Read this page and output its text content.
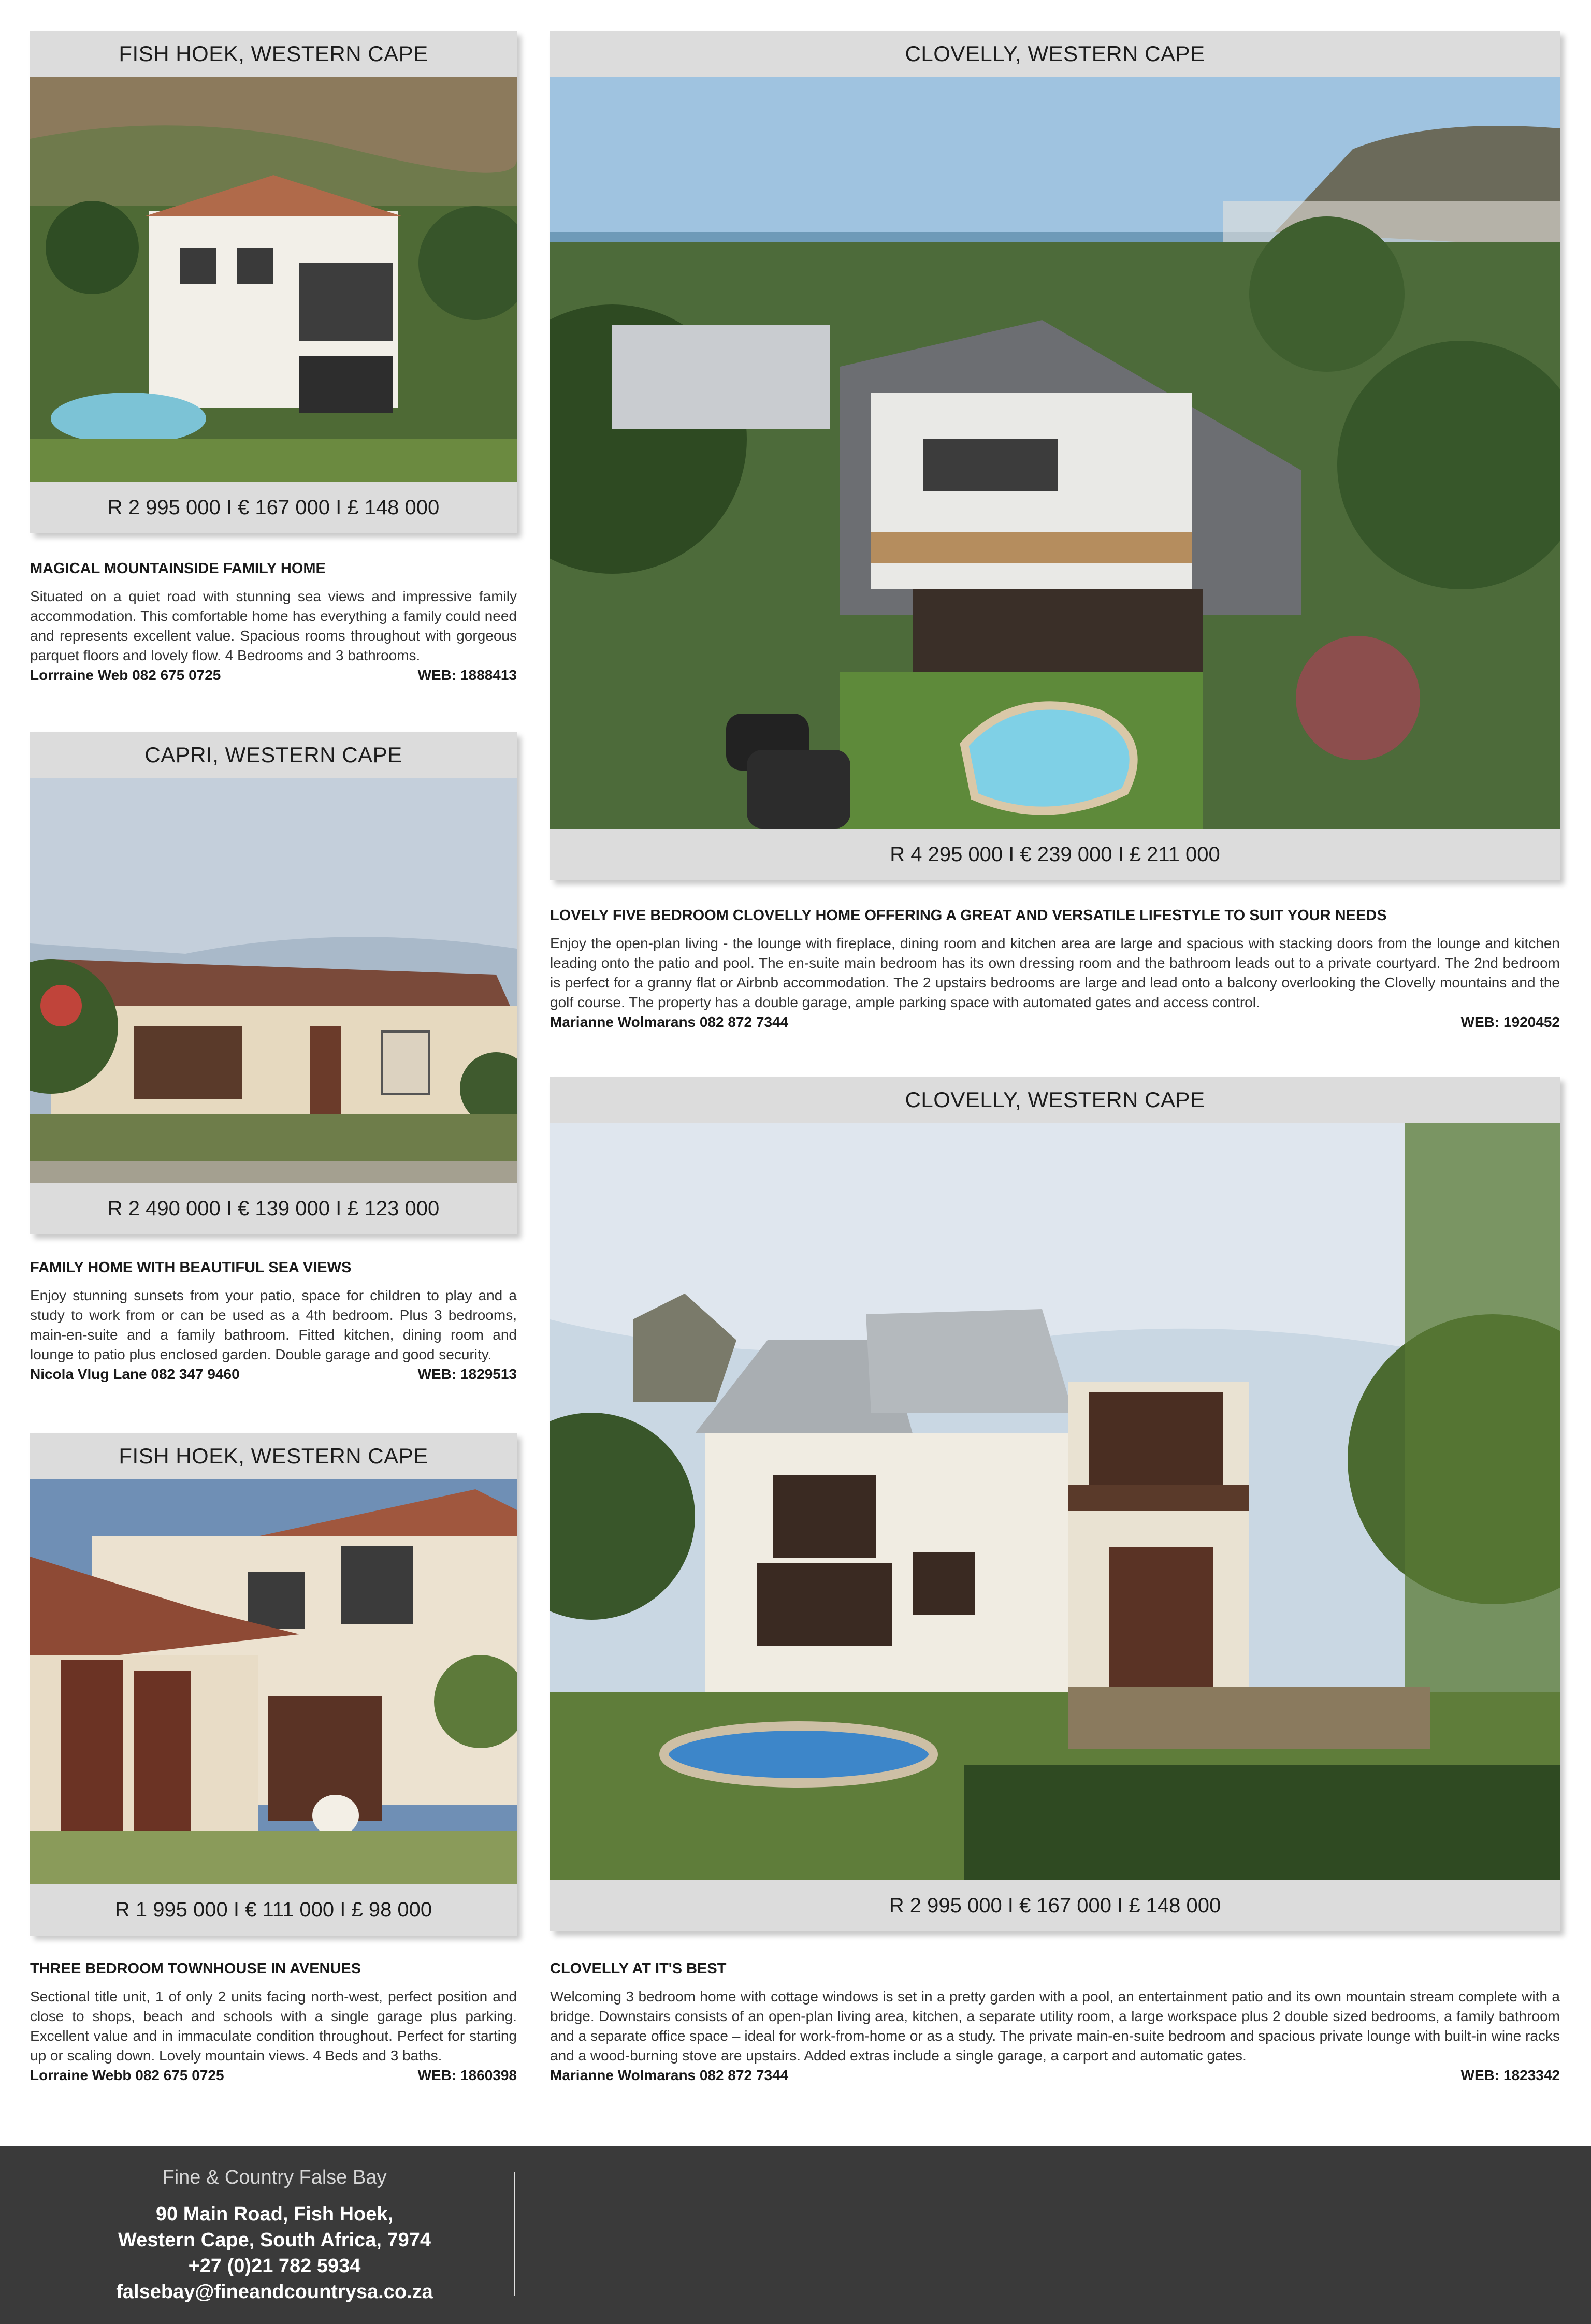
FISH HOEK, WESTERN CAPE
R 2 995 000 I € 167 000 I £ 148 000
MAGICAL MOUNTAINSIDE FAMILY HOME
Situated on a quiet road with stunning sea views and impressive family accommodation. This comfortable home has everything a family could need and represents excellent value. Spacious rooms throughout with gorgeous parquet floors and lovely flow. 4 Bedrooms and 3 bathrooms.
Lorrraine Web 082 675 0725	WEB: 1888413
CAPRI, WESTERN CAPE
R 2 490 000 I € 139 000 I £ 123 000
FAMILY HOME WITH BEAUTIFUL SEA VIEWS
Enjoy stunning sunsets from your patio, space for children to play and a study to work from or can be used as a 4th bedroom. Plus 3 bedrooms, main-en-suite and a family bathroom. Fitted kitchen, dining room and lounge to patio plus enclosed garden. Double garage and good security.
Nicola Vlug Lane 082 347 9460	WEB: 1829513
FISH HOEK, WESTERN CAPE
R 1 995 000 I € 111 000 I £ 98 000
THREE BEDROOM TOWNHOUSE IN AVENUES
Sectional title unit, 1 of only 2 units facing north-west, perfect position and close to shops, beach and schools with a single garage plus parking. Excellent value and in immaculate condition throughout. Perfect for starting up or scaling down. Lovely mountain views. 4 Beds and 3 baths.
Lorraine Webb 082 675 0725	WEB: 1860398
CLOVELLY, WESTERN CAPE
R 4 295 000 I € 239 000 I £ 211 000
LOVELY FIVE BEDROOM CLOVELLY HOME OFFERING A GREAT AND VERSATILE LIFESTYLE TO SUIT YOUR NEEDS
Enjoy the open-plan living - the lounge with fireplace, dining room and kitchen area are large and spacious with stacking doors from the lounge and kitchen leading onto the patio and pool. The en-suite main bedroom has its own dressing room and the bathroom leads out to a private courtyard. The 2nd bedroom is perfect for a granny flat or Airbnb accommodation. The 2 upstairs bedrooms are large and lead onto a balcony overlooking the Clovelly mountains and the golf course. The property has a double garage, ample parking space with automated gates and access control.
Marianne Wolmarans 082 872 7344	WEB: 1920452
CLOVELLY, WESTERN CAPE
R 2 995 000 I € 167 000 I £ 148 000
CLOVELLY AT IT'S BEST
Welcoming 3 bedroom home with cottage windows is set in a pretty garden with a pool, an entertainment patio and its own mountain stream complete with a bridge. Downstairs consists of an open-plan living area, kitchen, a separate utility room, a large workspace plus 2 double sized bedrooms, a family bathroom and a separate office space – ideal for work-from-home or as a study. The private main-en-suite bedroom and spacious private lounge with built-in wine racks and a wood-burning stove are upstairs. Added extras include a single garage, a carport and automatic gates.
Marianne Wolmarans 082 872 7344	WEB: 1823342
Fine & Country False Bay
90 Main Road, Fish Hoek,
Western Cape, South Africa, 7974
+27 (0)21 782 5934
falsebay@fineandcountrysa.co.za
